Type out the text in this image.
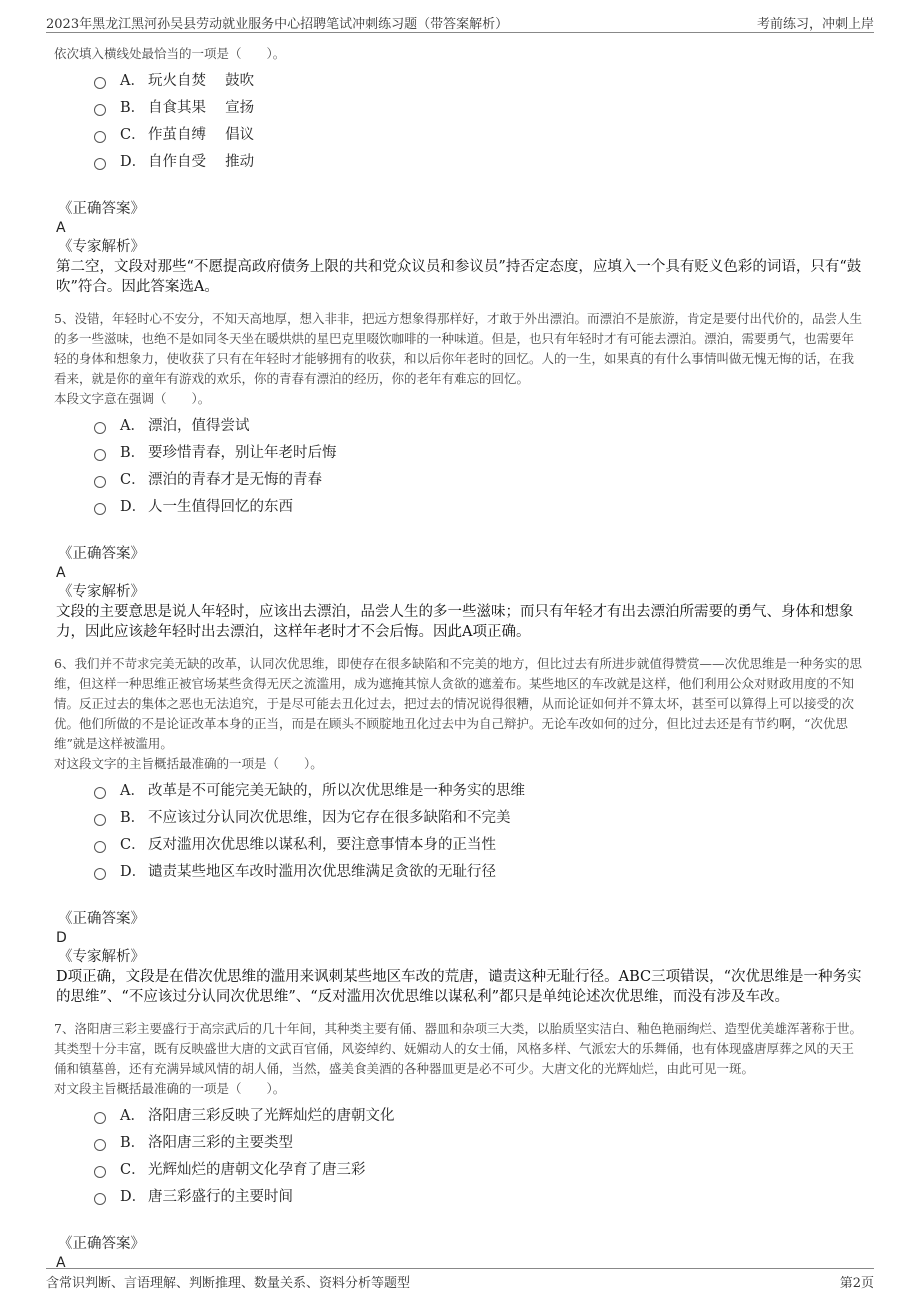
2023年黑龙江黑河孙吴县劳动就业服务中心招聘笔试冲刺练习题（带答案解析）	考前练习，冲刺上岸

依次填入横线处最恰当的一项是（　　）。

A． 玩火自焚　 鼓吹
B． 自食其果　 宣扬
C． 作茧自缚　 倡议
D． 自作自受　 推动

《正确答案》

A

《专家解析》

第二空，文段对那些“不愿提高政府债务上限的共和党众议员和参议员”持否定态度，应填入一个具有贬义色彩的词语，只有“鼓吹”符合。因此答案选A。

5、没错，年轻时心不安分，不知天高地厚，想入非非，把远方想象得那样好，才敢于外出漂泊。而漂泊不是旅游，肯定是要付出代价的，品尝人生的多一些滋味，也绝不是如同冬天坐在暖烘烘的星巴克里啜饮咖啡的一种味道。但是，也只有年轻时才有可能去漂泊。漂泊，需要勇气，也需要年轻的身体和想象力，使收获了只有在年轻时才能够拥有的收获，和以后你年老时的回忆。人的一生，如果真的有什么事情叫做无愧无悔的话，在我看来，就是你的童年有游戏的欢乐，你的青春有漂泊的经历，你的老年有难忘的回忆。

本段文字意在强调（　　）。

A． 漂泊，值得尝试
B． 要珍惜青春，别让年老时后悔
C． 漂泊的青春才是无悔的青春
D． 人一生值得回忆的东西

《正确答案》

A

《专家解析》

文段的主要意思是说人年轻时，应该出去漂泊，品尝人生的多一些滋味；而只有年轻才有出去漂泊所需要的勇气、身体和想象力，因此应该趁年轻时出去漂泊，这样年老时才不会后悔。因此A项正确。

6、我们并不苛求完美无缺的改革，认同次优思维，即使存在很多缺陷和不完美的地方，但比过去有所进步就值得赞赏——次优思维是一种务实的思维，但这样一种思维正被官场某些贪得无厌之流滥用，成为遮掩其惊人贪欲的遮羞布。某些地区的车改就是这样，他们利用公众对财政用度的不知情。反正过去的集体之恶也无法追究，于是尽可能去丑化过去，把过去的情况说得很糟，从而论证如何并不算太坏，甚至可以算得上可以接受的次优。他们所做的不是论证改革本身的正当，而是在顾头不顾腚地丑化过去中为自己辩护。无论车改如何的过分，但比过去还是有节约啊，“次优思维”就是这样被滥用。

对这段文字的主旨概括最准确的一项是（　　）。

A． 改革是不可能完美无缺的，所以次优思维是一种务实的思维
B． 不应该过分认同次优思维，因为它存在很多缺陷和不完美
C． 反对滥用次优思维以谋私利，要注意事情本身的正当性
D． 谴责某些地区车改时滥用次优思维满足贪欲的无耻行径

《正确答案》

D

《专家解析》

D项正确，文段是在借次优思维的滥用来讽刺某些地区车改的荒唐，谴责这种无耻行径。ABC三项错误，“次优思维是一种务实的思维”、“不应该过分认同次优思维”、“反对滥用次优思维以谋私利”都只是单纯论述次优思维，而没有涉及车改。

7、洛阳唐三彩主要盛行于高宗武后的几十年间，其种类主要有俑、器皿和杂项三大类，以胎质坚实洁白、釉色艳丽绚烂、造型优美雄浑著称于世。其类型十分丰富，既有反映盛世大唐的文武百官俑，风姿绰约、妩媚动人的女士俑，风格多样、气派宏大的乐舞俑，也有体现盛唐厚葬之风的天王俑和镇墓兽，还有充满异域风情的胡人俑，当然，盛美食美酒的各种器皿更是必不可少。大唐文化的光辉灿烂，由此可见一斑。

对文段主旨概括最准确的一项是（　　）。

A． 洛阳唐三彩反映了光辉灿烂的唐朝文化
B． 洛阳唐三彩的主要类型
C． 光辉灿烂的唐朝文化孕育了唐三彩
D． 唐三彩盛行的主要时间

《正确答案》

A

含常识判断、言语理解、判断推理、数量关系、资料分析等题型	第2页
